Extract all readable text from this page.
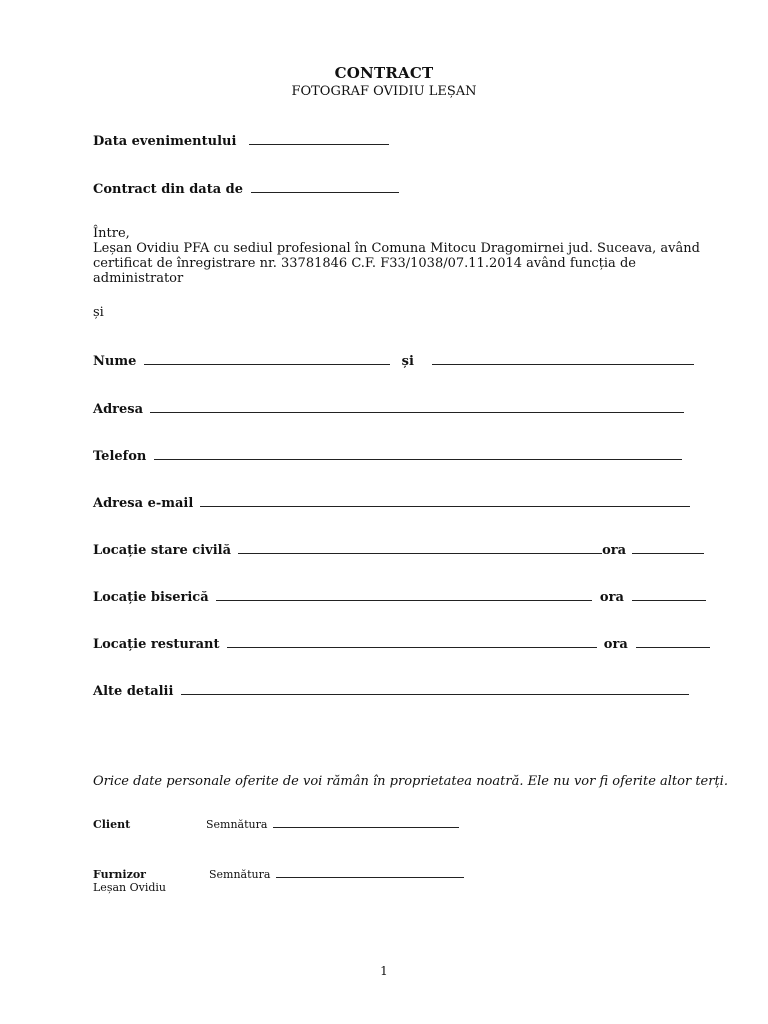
CONTRACT
FOTOGRAF OVIDIU LEȘAN
Data evenimentului
Contract din data de
Între,
Leșan Ovidiu PFA cu sediul profesional în Comuna Mitocu Dragomirnei jud. Suceava, având
certificat de înregistrare nr. 33781846 C.F. F33/1038/07.11.2014 având funcția de
administrator
și
Nume	și
Adresa
Telefon
Adresa e-mail
Locație stare civilă	ora
Locație biserică	ora
Locație resturant	ora
Alte detalii
Orice date personale oferite de voi rămân în proprietatea noatră. Ele nu vor fi oferite altor terți.
Client	Semnătura
Furnizor	Semnătura
Leșan Ovidiu
1
